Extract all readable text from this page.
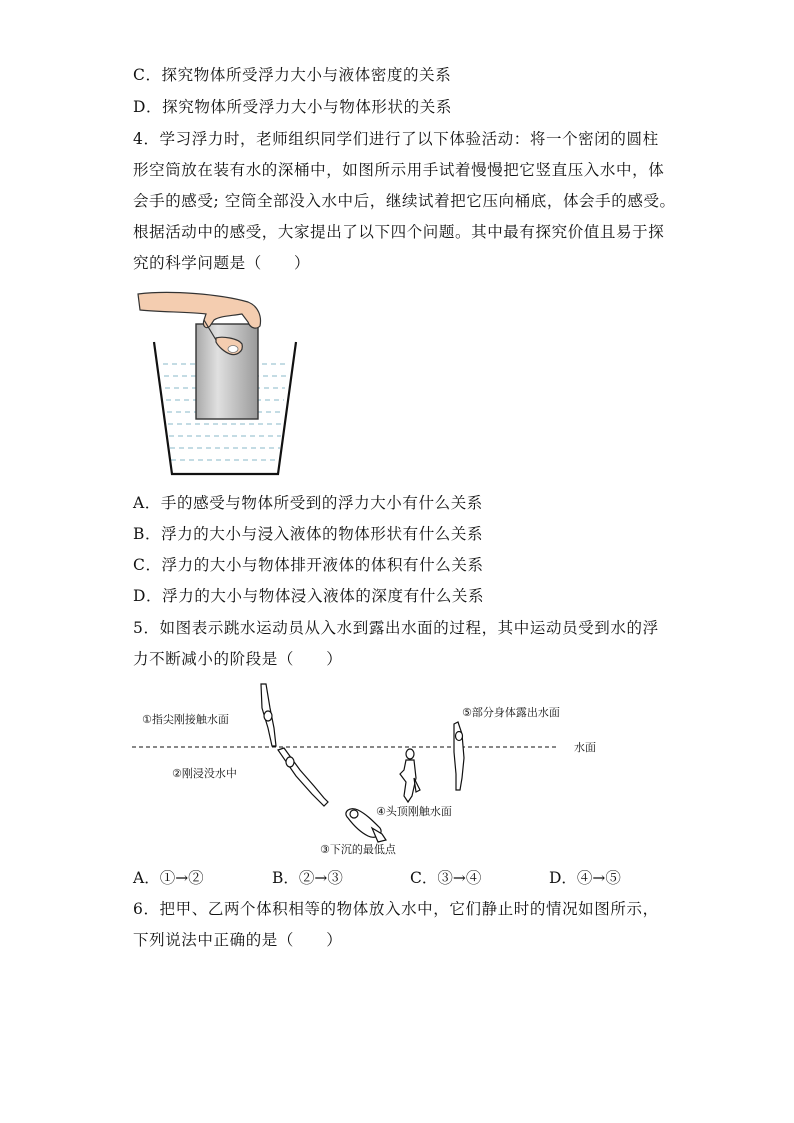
C．探究物体所受浮力大小与液体密度的关系
D．探究物体所受浮力大小与物体形状的关系
4．学习浮力时，老师组织同学们进行了以下体验活动：将一个密闭的圆柱
形空筒放在装有水的深桶中，如图所示用手试着慢慢把它竖直压入水中，体
会手的感受; 空筒全部没入水中后，继续试着把它压向桶底，体会手的感受。
根据活动中的感受，大家提出了以下四个问题。其中最有探究价值且易于探
究的科学问题是（　　）
A．手的感受与物体所受到的浮力大小有什么关系
B．浮力的大小与浸入液体的物体形状有什么关系
C．浮力的大小与物体排开液体的体积有什么关系
D．浮力的大小与物体浸入液体的深度有什么关系
5．如图表示跳水运动员从入水到露出水面的过程，其中运动员受到水的浮
力不断减小的阶段是（　　）
水面
①指尖刚接触水面
②刚浸没水中
③下沉的最低点
④头顶刚触水面
⑤部分身体露出水面
A．①→②	B．②→③	C．③→④	D．④→⑤
6．把甲、乙两个体积相等的物体放入水中，它们静止时的情况如图所示，
下列说法中正确的是（　　）
